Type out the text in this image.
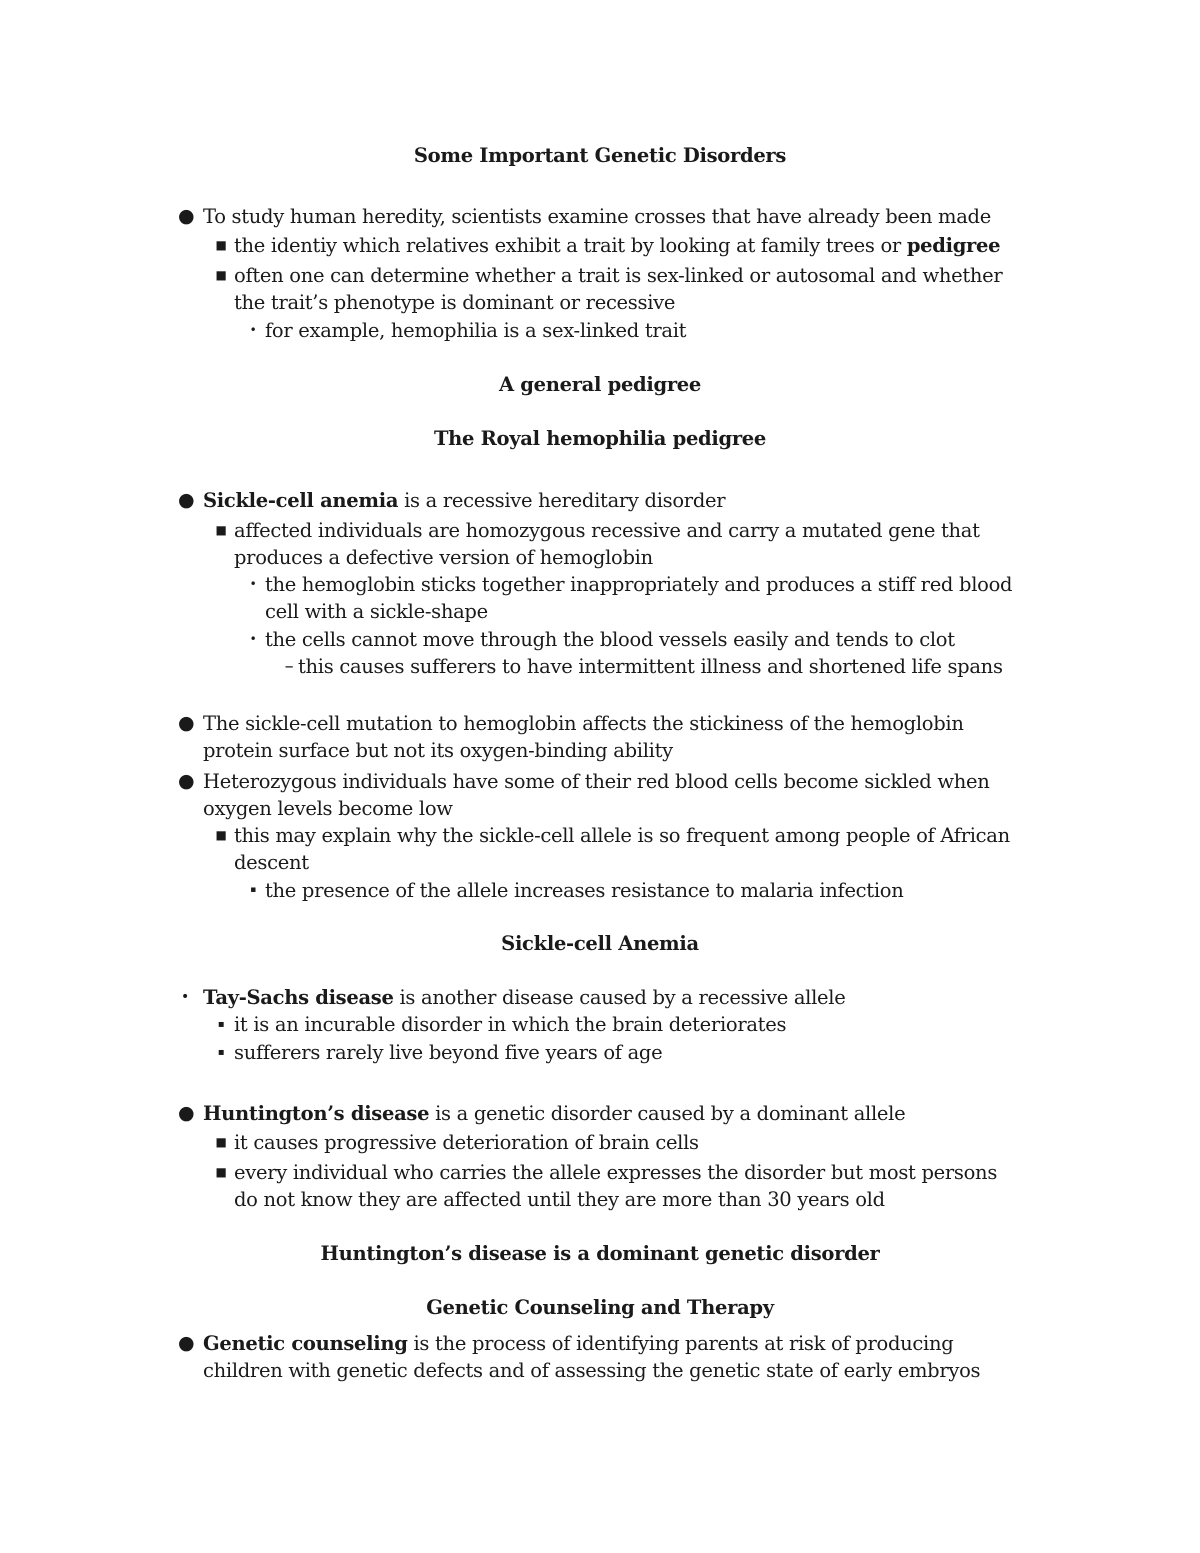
Some Important Genetic Disorders

● To study human heredity, scientists examine crosses that have already been made

■ the identiy which relatives exhibit a trait by looking at family trees or pedigree

■ often one can determine whether a trait is sex-linked or autosomal and whether the trait’s phenotype is dominant or recessive

• for example, hemophilia is a sex-linked trait

A general pedigree

The Royal hemophilia pedigree

● Sickle-cell anemia is a recessive hereditary disorder

■ affected individuals are homozygous recessive and carry a mutated gene that produces a defective version of hemoglobin

• the hemoglobin sticks together inappropriately and produces a stiff red blood cell with a sickle-shape

• the cells cannot move through the blood vessels easily and tends to clot

– this causes sufferers to have intermittent illness and shortened life spans

● The sickle-cell mutation to hemoglobin affects the stickiness of the hemoglobin protein surface but not its oxygen-binding ability

● Heterozygous individuals have some of their red blood cells become sickled when oxygen levels become low

■ this may explain why the sickle-cell allele is so frequent among people of African descent

▪ the presence of the allele increases resistance to malaria infection

Sickle-cell Anemia

• Tay-Sachs disease is another disease caused by a recessive allele

▪ it is an incurable disorder in which the brain deteriorates

▪ sufferers rarely live beyond five years of age

● Huntington’s disease is a genetic disorder caused by a dominant allele

■ it causes progressive deterioration of brain cells

■ every individual who carries the allele expresses the disorder but most persons do not know they are affected until they are more than 30 years old

Huntington’s disease is a dominant genetic disorder

Genetic Counseling and Therapy

● Genetic counseling is the process of identifying parents at risk of producing children with genetic defects and of assessing the genetic state of early embryos
